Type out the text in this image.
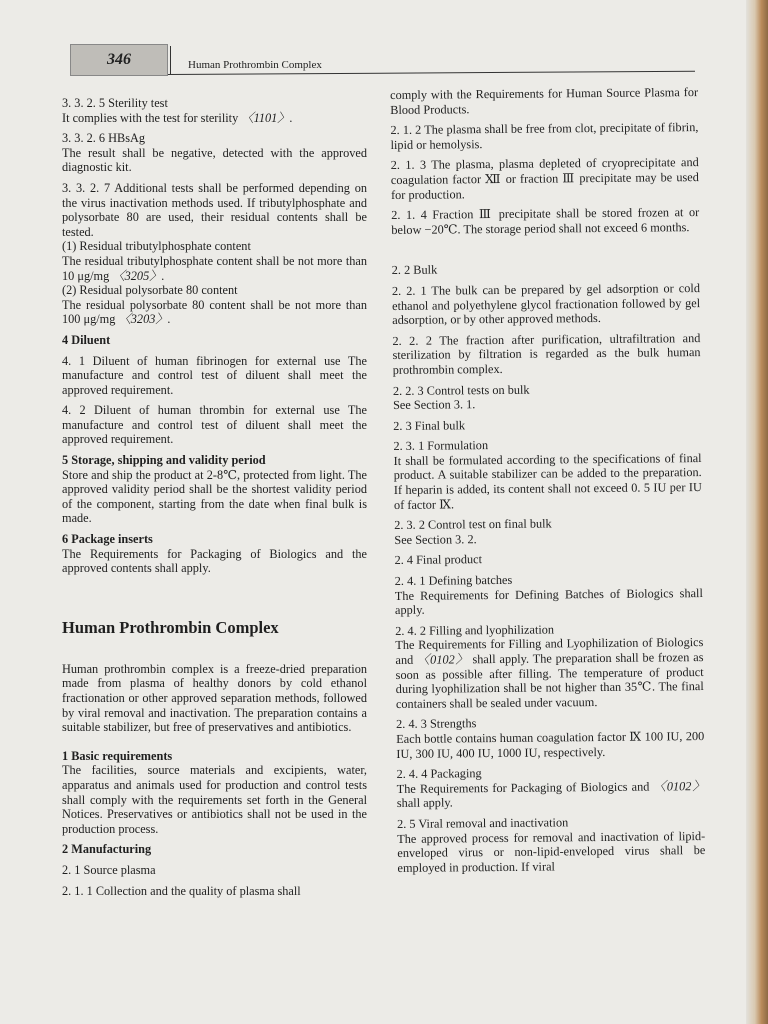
346	Human Prothrombin Complex

3. 3. 2. 5 Sterility test

It complies with the test for sterility 〈1101〉.

3. 3. 2. 6 HBsAg

The result shall be negative, detected with the approved diagnostic kit.

3. 3. 2. 7 Additional tests shall be performed depending on the virus inactivation methods used. If tributylphosphate and polysorbate 80 are used, their residual contents shall be tested.

(1) Residual tributylphosphate content

The residual tributylphosphate content shall be not more than 10 μg/mg 〈3205〉.

(2) Residual polysorbate 80 content

The residual polysorbate 80 content shall be not more than 100 μg/mg 〈3203〉.

4 Diluent

4. 1 Diluent of human fibrinogen for external use The manufacture and control test of diluent shall meet the approved requirement.

4. 2 Diluent of human thrombin for external use The manufacture and control test of diluent shall meet the approved requirement.

5 Storage, shipping and validity period

Store and ship the product at 2-8℃, protected from light. The approved validity period shall be the shortest validity period of the component, starting from the date when final bulk is made.

6 Package inserts

The Requirements for Packaging of Biologics and the approved contents shall apply.

Human Prothrombin Complex

Human prothrombin complex is a freeze-dried preparation made from plasma of healthy donors by cold ethanol fractionation or other approved separation methods, followed by viral removal and inactivation. The preparation contains a suitable stabilizer, but free of preservatives and antibiotics.

1 Basic requirements

The facilities, source materials and excipients, water, apparatus and animals used for production and control tests shall comply with the requirements set forth in the General Notices. Preservatives or antibiotics shall not be used in the production process.

2 Manufacturing

2. 1 Source plasma

2. 1. 1 Collection and the quality of plasma shall

comply with the Requirements for Human Source Plasma for Blood Products.

2. 1. 2 The plasma shall be free from clot, precipitate of fibrin, lipid or hemolysis.

2. 1. 3 The plasma, plasma depleted of cryoprecipitate and coagulation factor Ⅻ or fraction Ⅲ precipitate may be used for production.

2. 1. 4 Fraction Ⅲ precipitate shall be stored frozen at or below −20℃. The storage period shall not exceed 6 months.

2. 2 Bulk

2. 2. 1 The bulk can be prepared by gel adsorption or cold ethanol and polyethylene glycol fractionation followed by gel adsorption, or by other approved methods.

2. 2. 2 The fraction after purification, ultrafiltration and sterilization by filtration is regarded as the bulk human prothrombin complex.

2. 2. 3 Control tests on bulk

See Section 3. 1.

2. 3 Final bulk

2. 3. 1 Formulation

It shall be formulated according to the specifications of final product. A suitable stabilizer can be added to the preparation. If heparin is added, its content shall not exceed 0. 5 IU per IU of factor Ⅸ.

2. 3. 2 Control test on final bulk

See Section 3. 2.

2. 4 Final product

2. 4. 1 Defining batches

The Requirements for Defining Batches of Biologics shall apply.

2. 4. 2 Filling and lyophilization

The Requirements for Filling and Lyophilization of Biologics and 〈0102〉 shall apply. The preparation shall be frozen as soon as possible after filling. The temperature of product during lyophilization shall be not higher than 35℃. The final containers shall be sealed under vacuum.

2. 4. 3 Strengths

Each bottle contains human coagulation factor Ⅸ 100 IU, 200 IU, 300 IU, 400 IU, 1000 IU, respectively.

2. 4. 4 Packaging

The Requirements for Packaging of Biologics and 〈0102〉 shall apply.

2. 5 Viral removal and inactivation

The approved process for removal and inactivation of lipid-enveloped virus or non-lipid-enveloped virus shall be employed in production. If viral
